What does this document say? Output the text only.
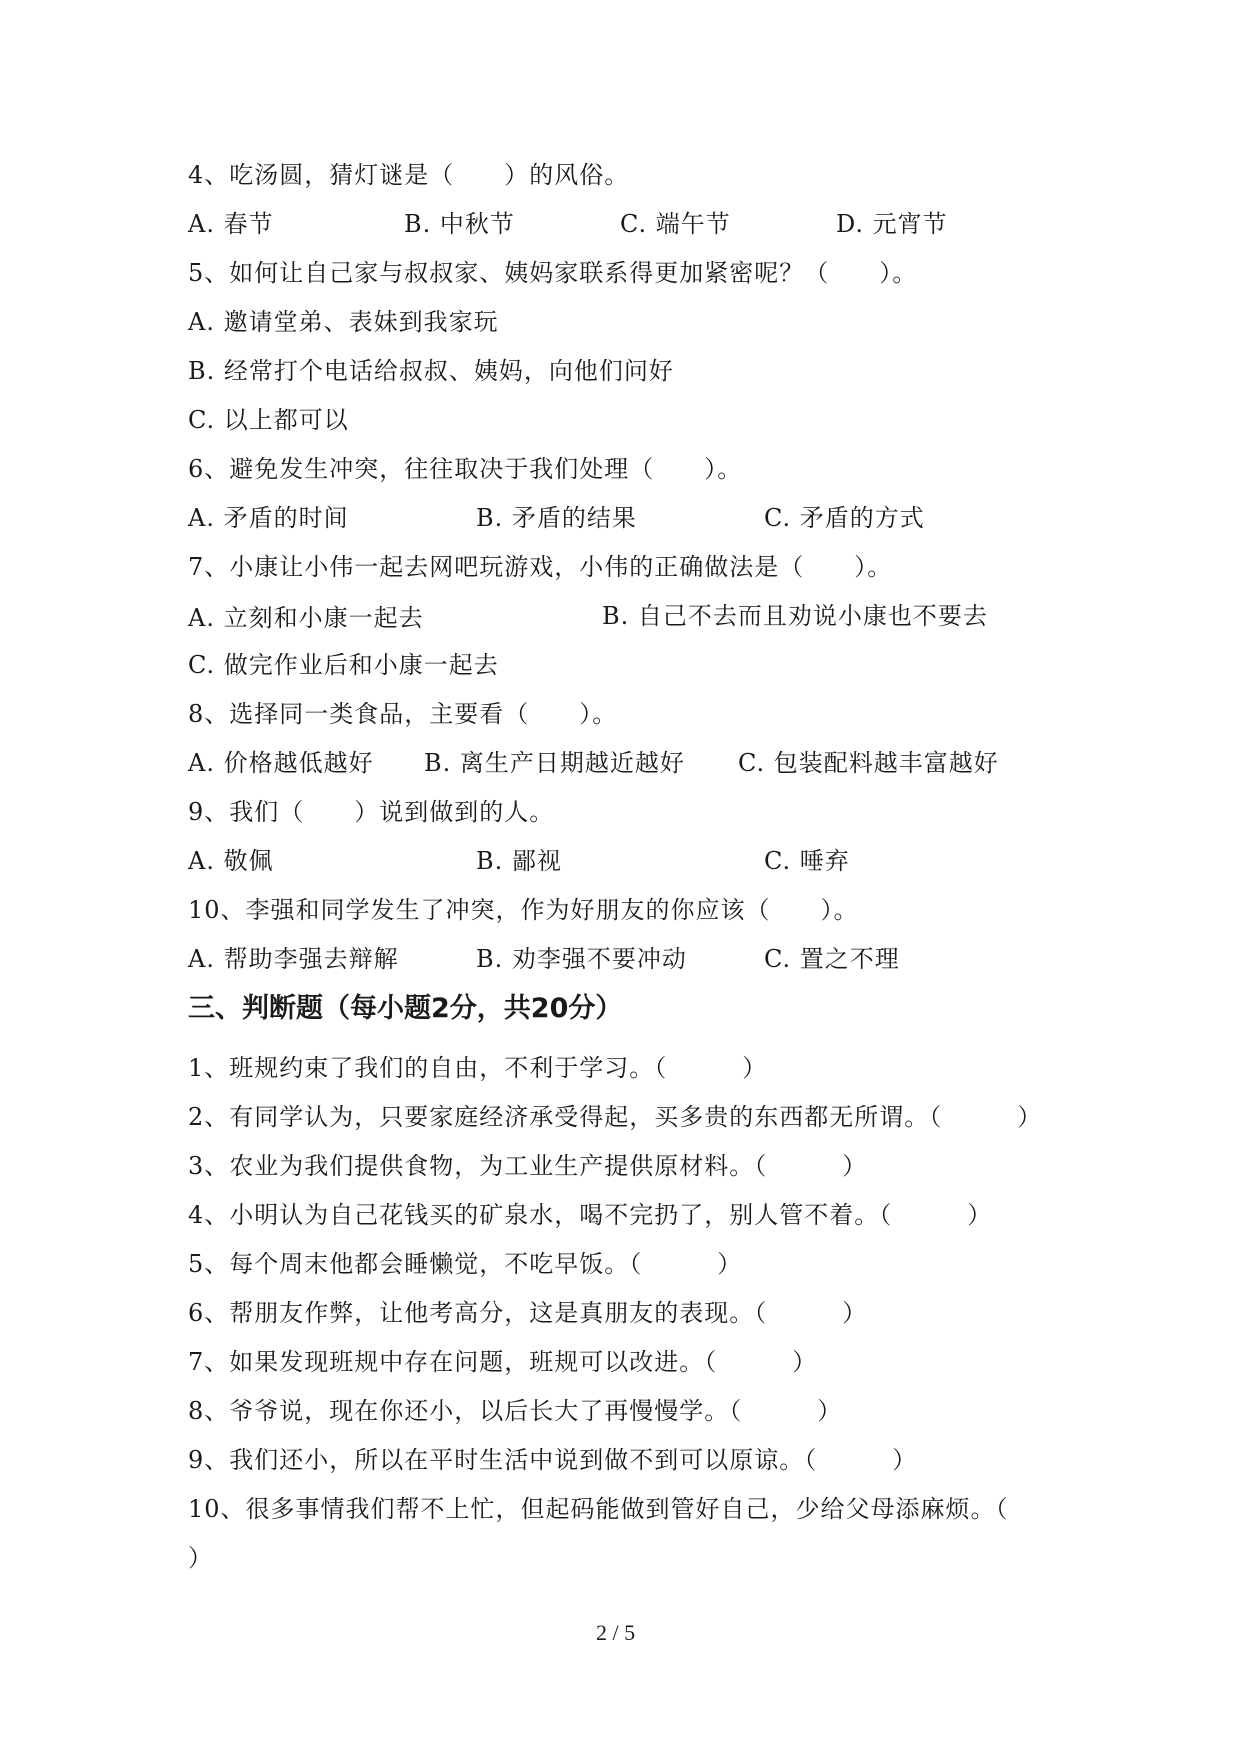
4、吃汤圆，猜灯谜是（　　）的风俗。
A. 春节	B. 中秋节	C. 端午节	D. 元宵节
5、如何让自己家与叔叔家、姨妈家联系得更加紧密呢？（　　）。
A. 邀请堂弟、表妹到我家玩
B. 经常打个电话给叔叔、姨妈，向他们问好
C. 以上都可以
6、避免发生冲突，往往取决于我们处理（　　）。
A. 矛盾的时间	B. 矛盾的结果	C. 矛盾的方式
7、小康让小伟一起去网吧玩游戏，小伟的正确做法是（　　）。
A. 立刻和小康一起去	B. 自己不去而且劝说小康也不要去
C. 做完作业后和小康一起去
8、选择同一类食品，主要看（　　）。
A. 价格越低越好 B. 离生产日期越近越好 C. 包装配料越丰富越好
9、我们（　　）说到做到的人。
A. 敬佩	B. 鄙视	C. 唾弃
10、李强和同学发生了冲突，作为好朋友的你应该（　　）。
A. 帮助李强去辩解	B. 劝李强不要冲动	C. 置之不理
三、判断题（每小题2分，共20分）
1、班规约束了我们的自由，不利于学习。（　　　）
2、有同学认为，只要家庭经济承受得起，买多贵的东西都无所谓。（　　　）
3、农业为我们提供食物，为工业生产提供原材料。（　　　）
4、小明认为自己花钱买的矿泉水，喝不完扔了，别人管不着。（　　　）
5、每个周末他都会睡懒觉，不吃早饭。（　　　）
6、帮朋友作弊，让他考高分，这是真朋友的表现。（　　　）
7、如果发现班规中存在问题，班规可以改进。（　　　）
8、爷爷说，现在你还小，以后长大了再慢慢学。（　　　）
9、我们还小，所以在平时生活中说到做不到可以原谅。（　　　）
10、很多事情我们帮不上忙，但起码能做到管好自己，少给父母添麻烦。（
）
2 / 5
